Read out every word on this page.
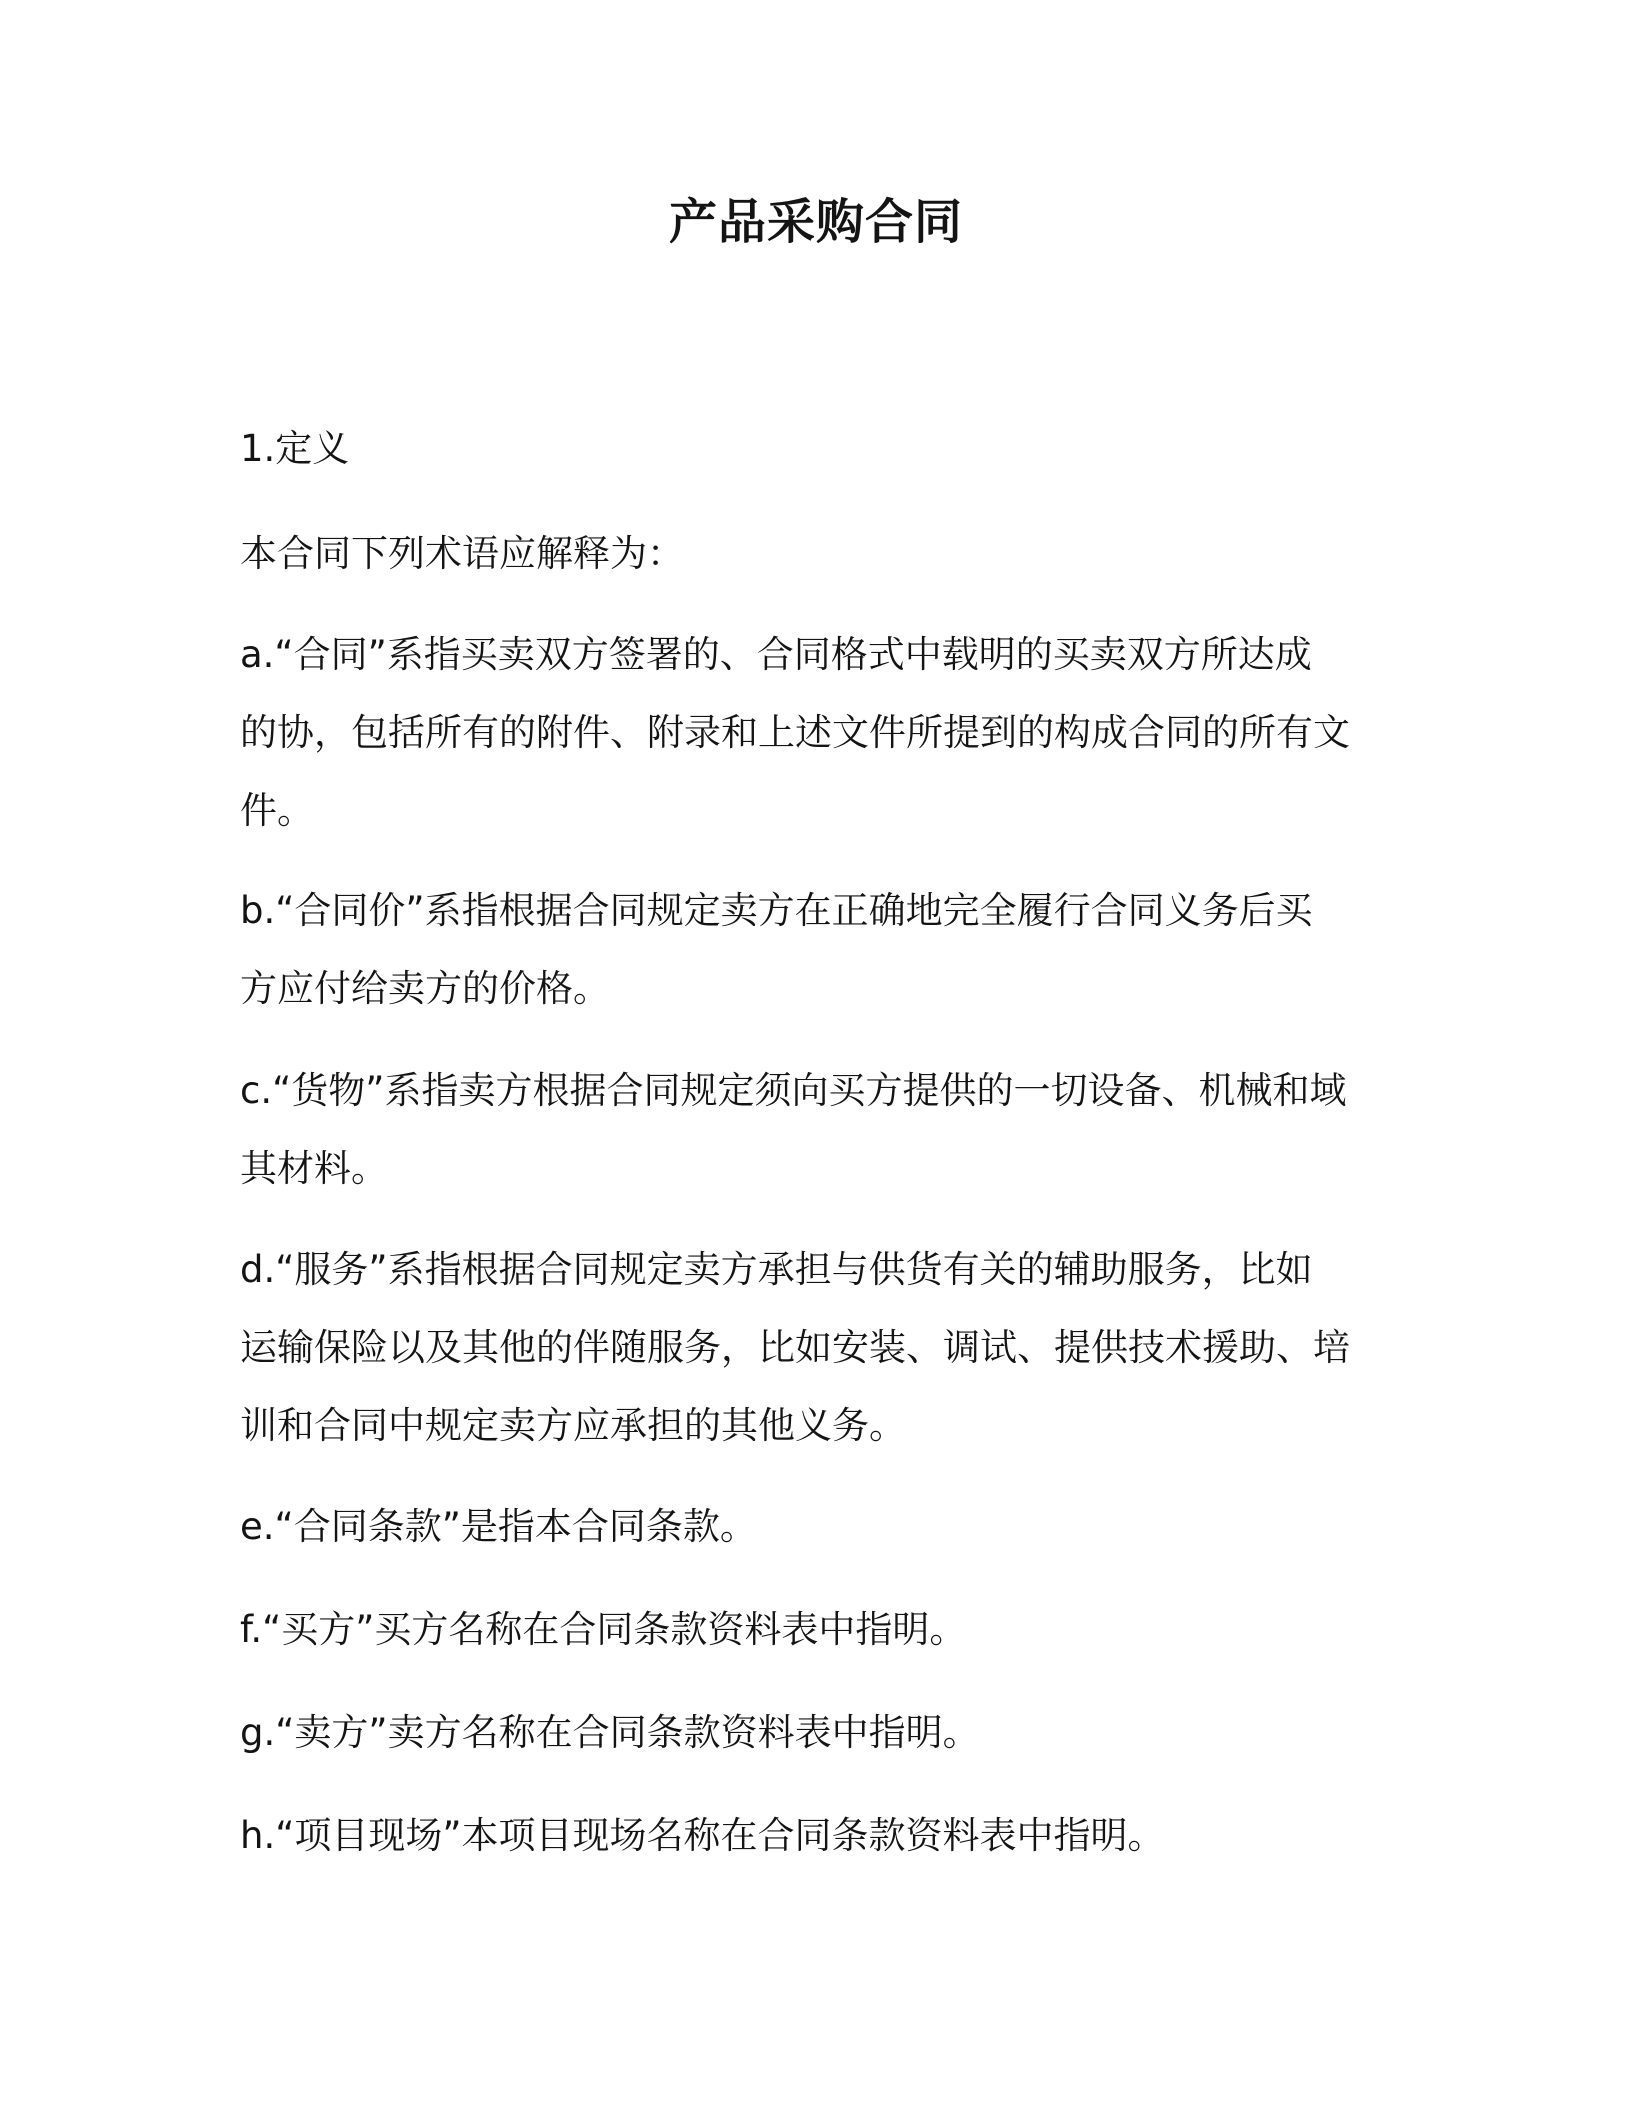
产品采购合同

1.定义

本合同下列术语应解释为：

a.“合同”系指买卖双方签署的、合同格式中载明的买卖双方所达成
的协，包括所有的附件、附录和上述文件所提到的构成合同的所有文
件。

b.“合同价”系指根据合同规定卖方在正确地完全履行合同义务后买
方应付给卖方的价格。

c.“货物”系指卖方根据合同规定须向买方提供的一切设备、机械和域
其材料。

d.“服务”系指根据合同规定卖方承担与供货有关的辅助服务，比如
运输保险以及其他的伴随服务，比如安装、调试、提供技术援助、培
训和合同中规定卖方应承担的其他义务。

e.“合同条款”是指本合同条款。

f.“买方”买方名称在合同条款资料表中指明。

g.“卖方”卖方名称在合同条款资料表中指明。

h.“项目现场”本项目现场名称在合同条款资料表中指明。
